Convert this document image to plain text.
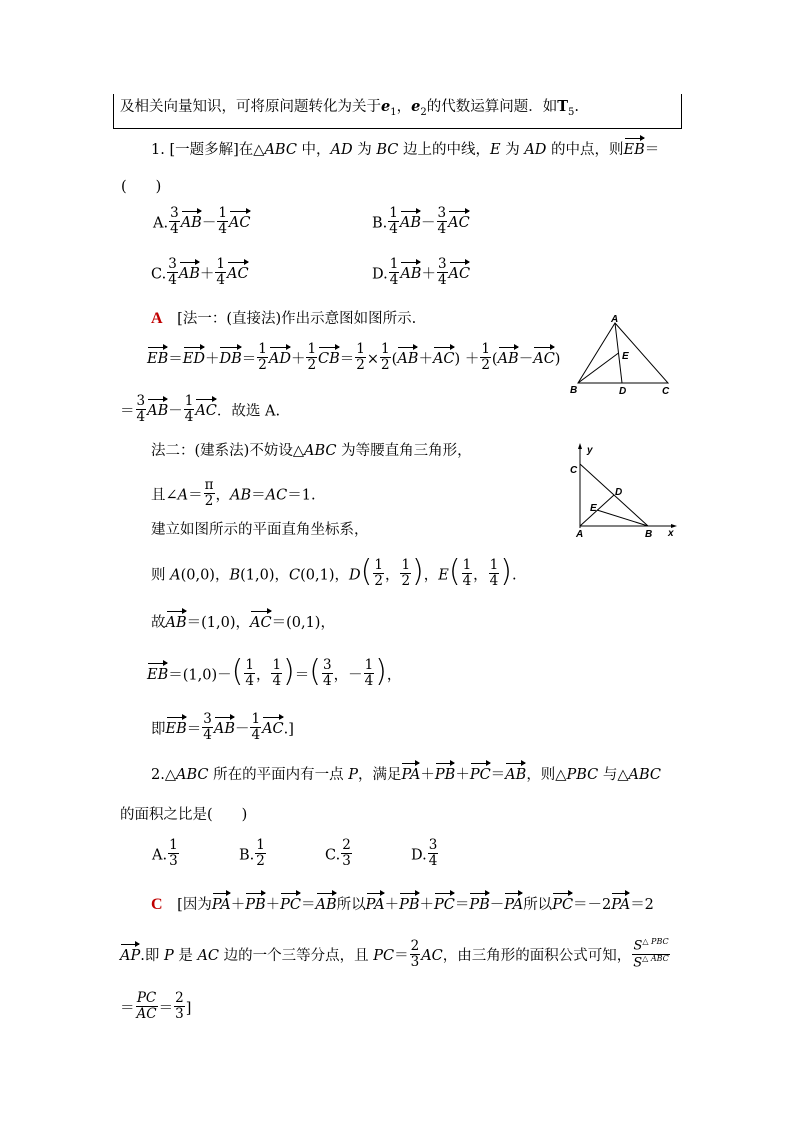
及相关向量知识，可将原问题转化为关于$e_1$，$e_2$的代数运算问题．如$T_5$.
1. [一题多解]在△ABC 中，AD 为 BC 边上的中线，E 为 AD 的中点，则EB＝
(　　)
A. $\frac{3}{4} AB- \frac{1}{4}$ AC	B. $\frac{1}{4} AB- \frac{3}{4}$ AC
C. $\frac{3}{4} AB+ \frac{1}{4}$ AC	D. $\frac{1}{4} AB+ \frac{3}{4}$ AC
A [法一：(直接法)作出示意图如图所示.
$EB=ED+DB= \frac{1}{2} AD+ \frac{1}{2} CB= \frac{1}{2} \times \frac{1}{2} (AB+AC) + \frac{1}{2} (AB-AC)$
＝ $\frac{3}{4} AB- \frac{1}{4}$ AC．故选 A.
A
B	C
D
E
法二：(建系法)不妨设△ABC 为等腰直角三角形，
且∠A＝ $\frac{\pi}{2}$ ，AB＝AC＝1.
建立如图所示的平面直角坐标系，
y
x
A	B
C
D
E
则 A(0,0)，B(1,0)，C(0,1)，$D( \frac{1}{2}$ ， $\frac{1}{2}$ )，$E( \frac{1}{4}$ ， $\frac{1}{4}$ ).
故AB＝(1,0)，AC＝(0,1)，
$EB=(1,0)-( \frac{1}{4}$ ， $\frac{1}{4}$ )＝( $\frac{3}{4}$ ，－ $\frac{1}{4}$ )，
即$EB= \frac{3}{4} AB- \frac{1}{4} AC$.]
2.△ABC 所在的平面内有一点 P，满足PA＋PB＋PC＝AB，则△PBC 与△ABC
的面积之比是(　　)
A. $\frac{1}{3}$	B. $\frac{1}{2}$	C. $\frac{2}{3}$	D. $\frac{3}{4}$
C [因为PA＋PB＋PC＝AB所以PA＋PB＋PC＝PB－PA所以PC＝－2PA＝2
AP.即 P 是 AC 边的一个三等分点，且 $PC= \frac{2}{3}$ AC，由三角形的面积公式可知， $\frac{S^{\triangle PBC}}{S^{\triangle ABC}}$
＝ $\frac{PC}{AC} = \frac{2}{3}$ ]
